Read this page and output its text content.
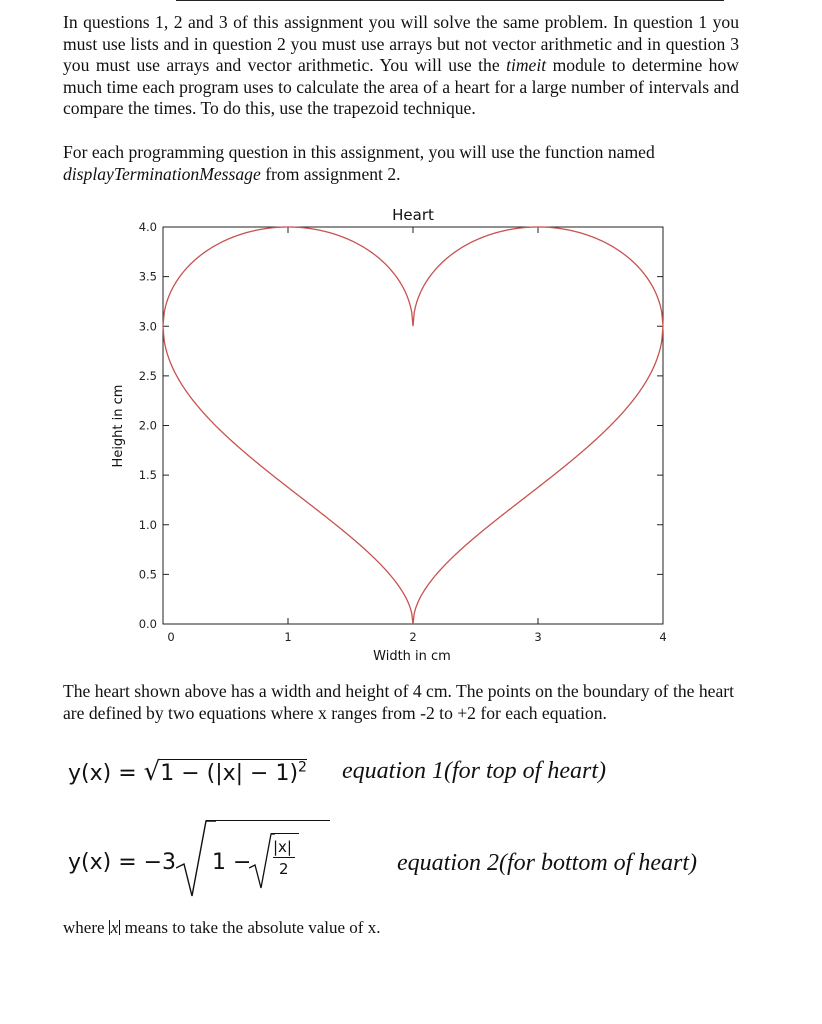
In questions 1, 2 and 3 of this assignment you will solve the same problem. In question 1 you must use lists and in question 2 you must use arrays but not vector arithmetic and in question 3 you must use arrays and vector arithmetic. You will use the timeit module to determine how much time each program uses to calculate the area of a heart for a large number of intervals and compare the times. To do this, use the trapezoid technique.
For each programming question in this assignment, you will use the function named
displayTerminationMessage from assignment 2.
Heart
0	1	2	3	4
0.0
0.5
1.0
1.5
2.0
2.5
3.0
3.5
4.0
Width in cm
Height in cm
The heart shown above has a width and height of 4 cm. The points on the boundary of the heart are defined by two equations where x ranges from -2 to +2 for each equation.
$y(x) = √1 - (|x| - 1)^2$ equation 1(for top of heart)
y(x) = −3 1 −
|x|
2	equation 2(for bottom of heart)
where x means to take the absolute value of x.
